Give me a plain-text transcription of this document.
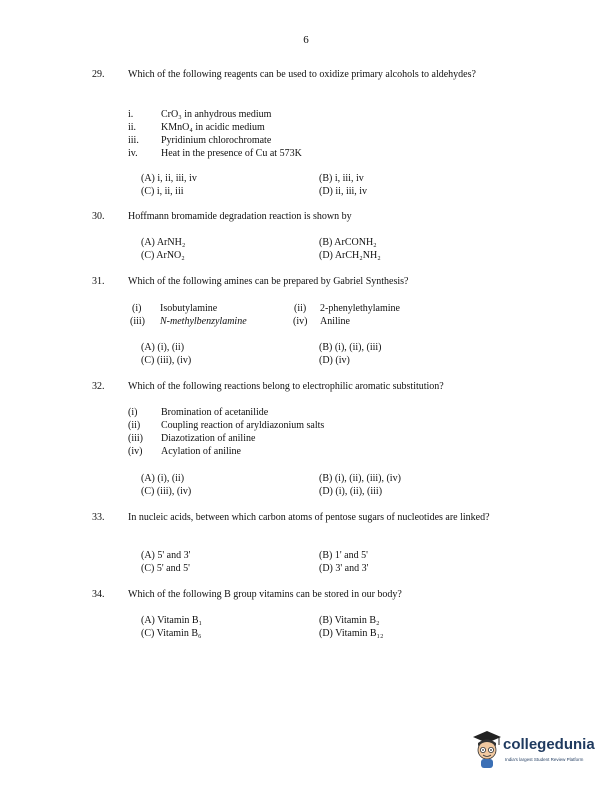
6
29. Which of the following reagents can be used to oxidize primary alcohols to aldehydes?
i.	CrO₃ in anhydrous medium
ii. KMnO₄ in acidic medium
iii. Pyridinium chlorochromate
iv. Heat in the presence of Cu at 573K
(A) i, ii, iii, iv	(B) i, iii, iv
(C) i, ii, iii	(D) ii, iii, iv
30. Hoffmann bromamide degradation reaction is shown by
(A) ArNH₂	(B) ArCONH₂
(C) ArNO₂	(D) ArCH₂NH₂
31. Which of the following amines can be prepared by Gabriel Synthesis?
(i) Isobutylamine	(ii) 2-phenylethylamine
(iii) N-methylbenzylamine	(iv) Aniline
(A) (i), (ii)	(B) (i), (ii), (iii)
(C) (iii), (iv)	(D) (iv)
32. Which of the following reactions belong to electrophilic aromatic substitution?
(i) Bromination of acetanilide
(ii) Coupling reaction of aryldiazonium salts
(iii) Diazotization of aniline
(iv) Acylation of aniline
(A) (i), (ii)	(B) (i), (ii), (iii), (iv)
(C) (iii), (iv)	(D) (i), (ii), (iii)
33. In nucleic acids, between which carbon atoms of pentose sugars of nucleotides are linked?
(A) 5' and 3'	(B) 1' and 5'
(C) 5' and 5'	(D) 3' and 3'
34. Which of the following B group vitamins can be stored in our body?
(A) Vitamin B₁	(B) Vitamin B₂
(C) Vitamin B₆	(D) Vitamin B₁₂
collegedunia
India's largest Student Review Platform
